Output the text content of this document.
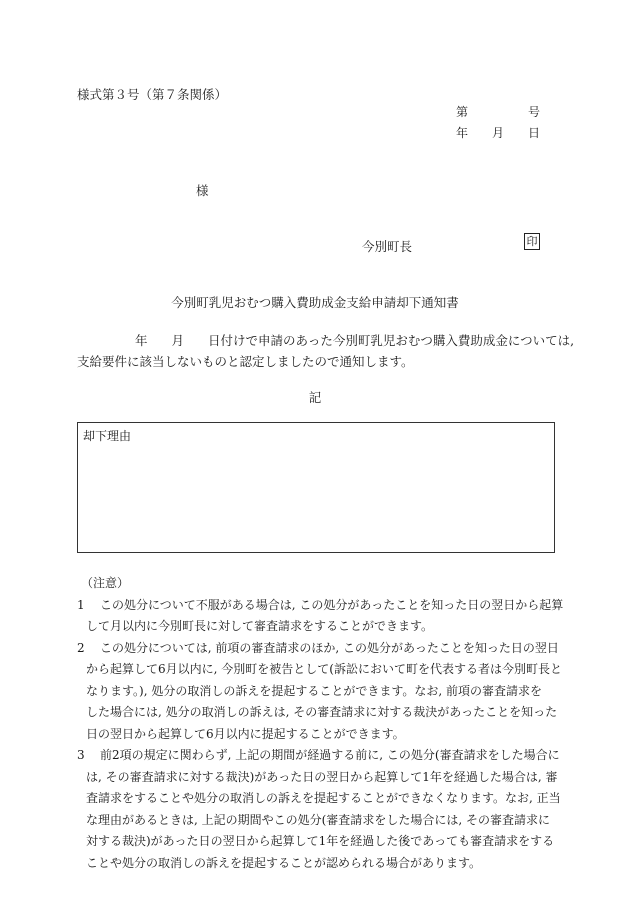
様式第３号（第７条関係）
第	号
年 月 日
様
今別町長	印
今別町乳児おむつ購入費助成金支給申請却下通知書
年 月 日付けで申請のあった今別町乳児おむつ購入費助成金については,
支給要件に該当しないものと認定しましたので通知します。
記
却下理由
（注意）
1	この処分について不服がある場合は, この処分があったことを知った日の翌日から起算
して月以内に今別町長に対して審査請求をすることができます。
2	この処分については, 前項の審査請求のほか, この処分があったことを知った日の翌日
から起算して6月以内に, 今別町を被告として(訴訟において町を代表する者は今別町長と
なります。), 処分の取消しの訴えを提起することができます。なお, 前項の審査請求を
した場合には, 処分の取消しの訴えは, その審査請求に対する裁決があったことを知った
日の翌日から起算して6月以内に提起することができます。
3	前2項の規定に関わらず, 上記の期間が経過する前に, この処分(審査請求をした場合に
は, その審査請求に対する裁決)があった日の翌日から起算して1年を経過した場合は, 審
査請求をすることや処分の取消しの訴えを提起することができなくなります。なお, 正当
な理由があるときは, 上記の期間やこの処分(審査請求をした場合には, その審査請求に
対する裁決)があった日の翌日から起算して1年を経過した後であっても審査請求をする
ことや処分の取消しの訴えを提起することが認められる場合があります。
